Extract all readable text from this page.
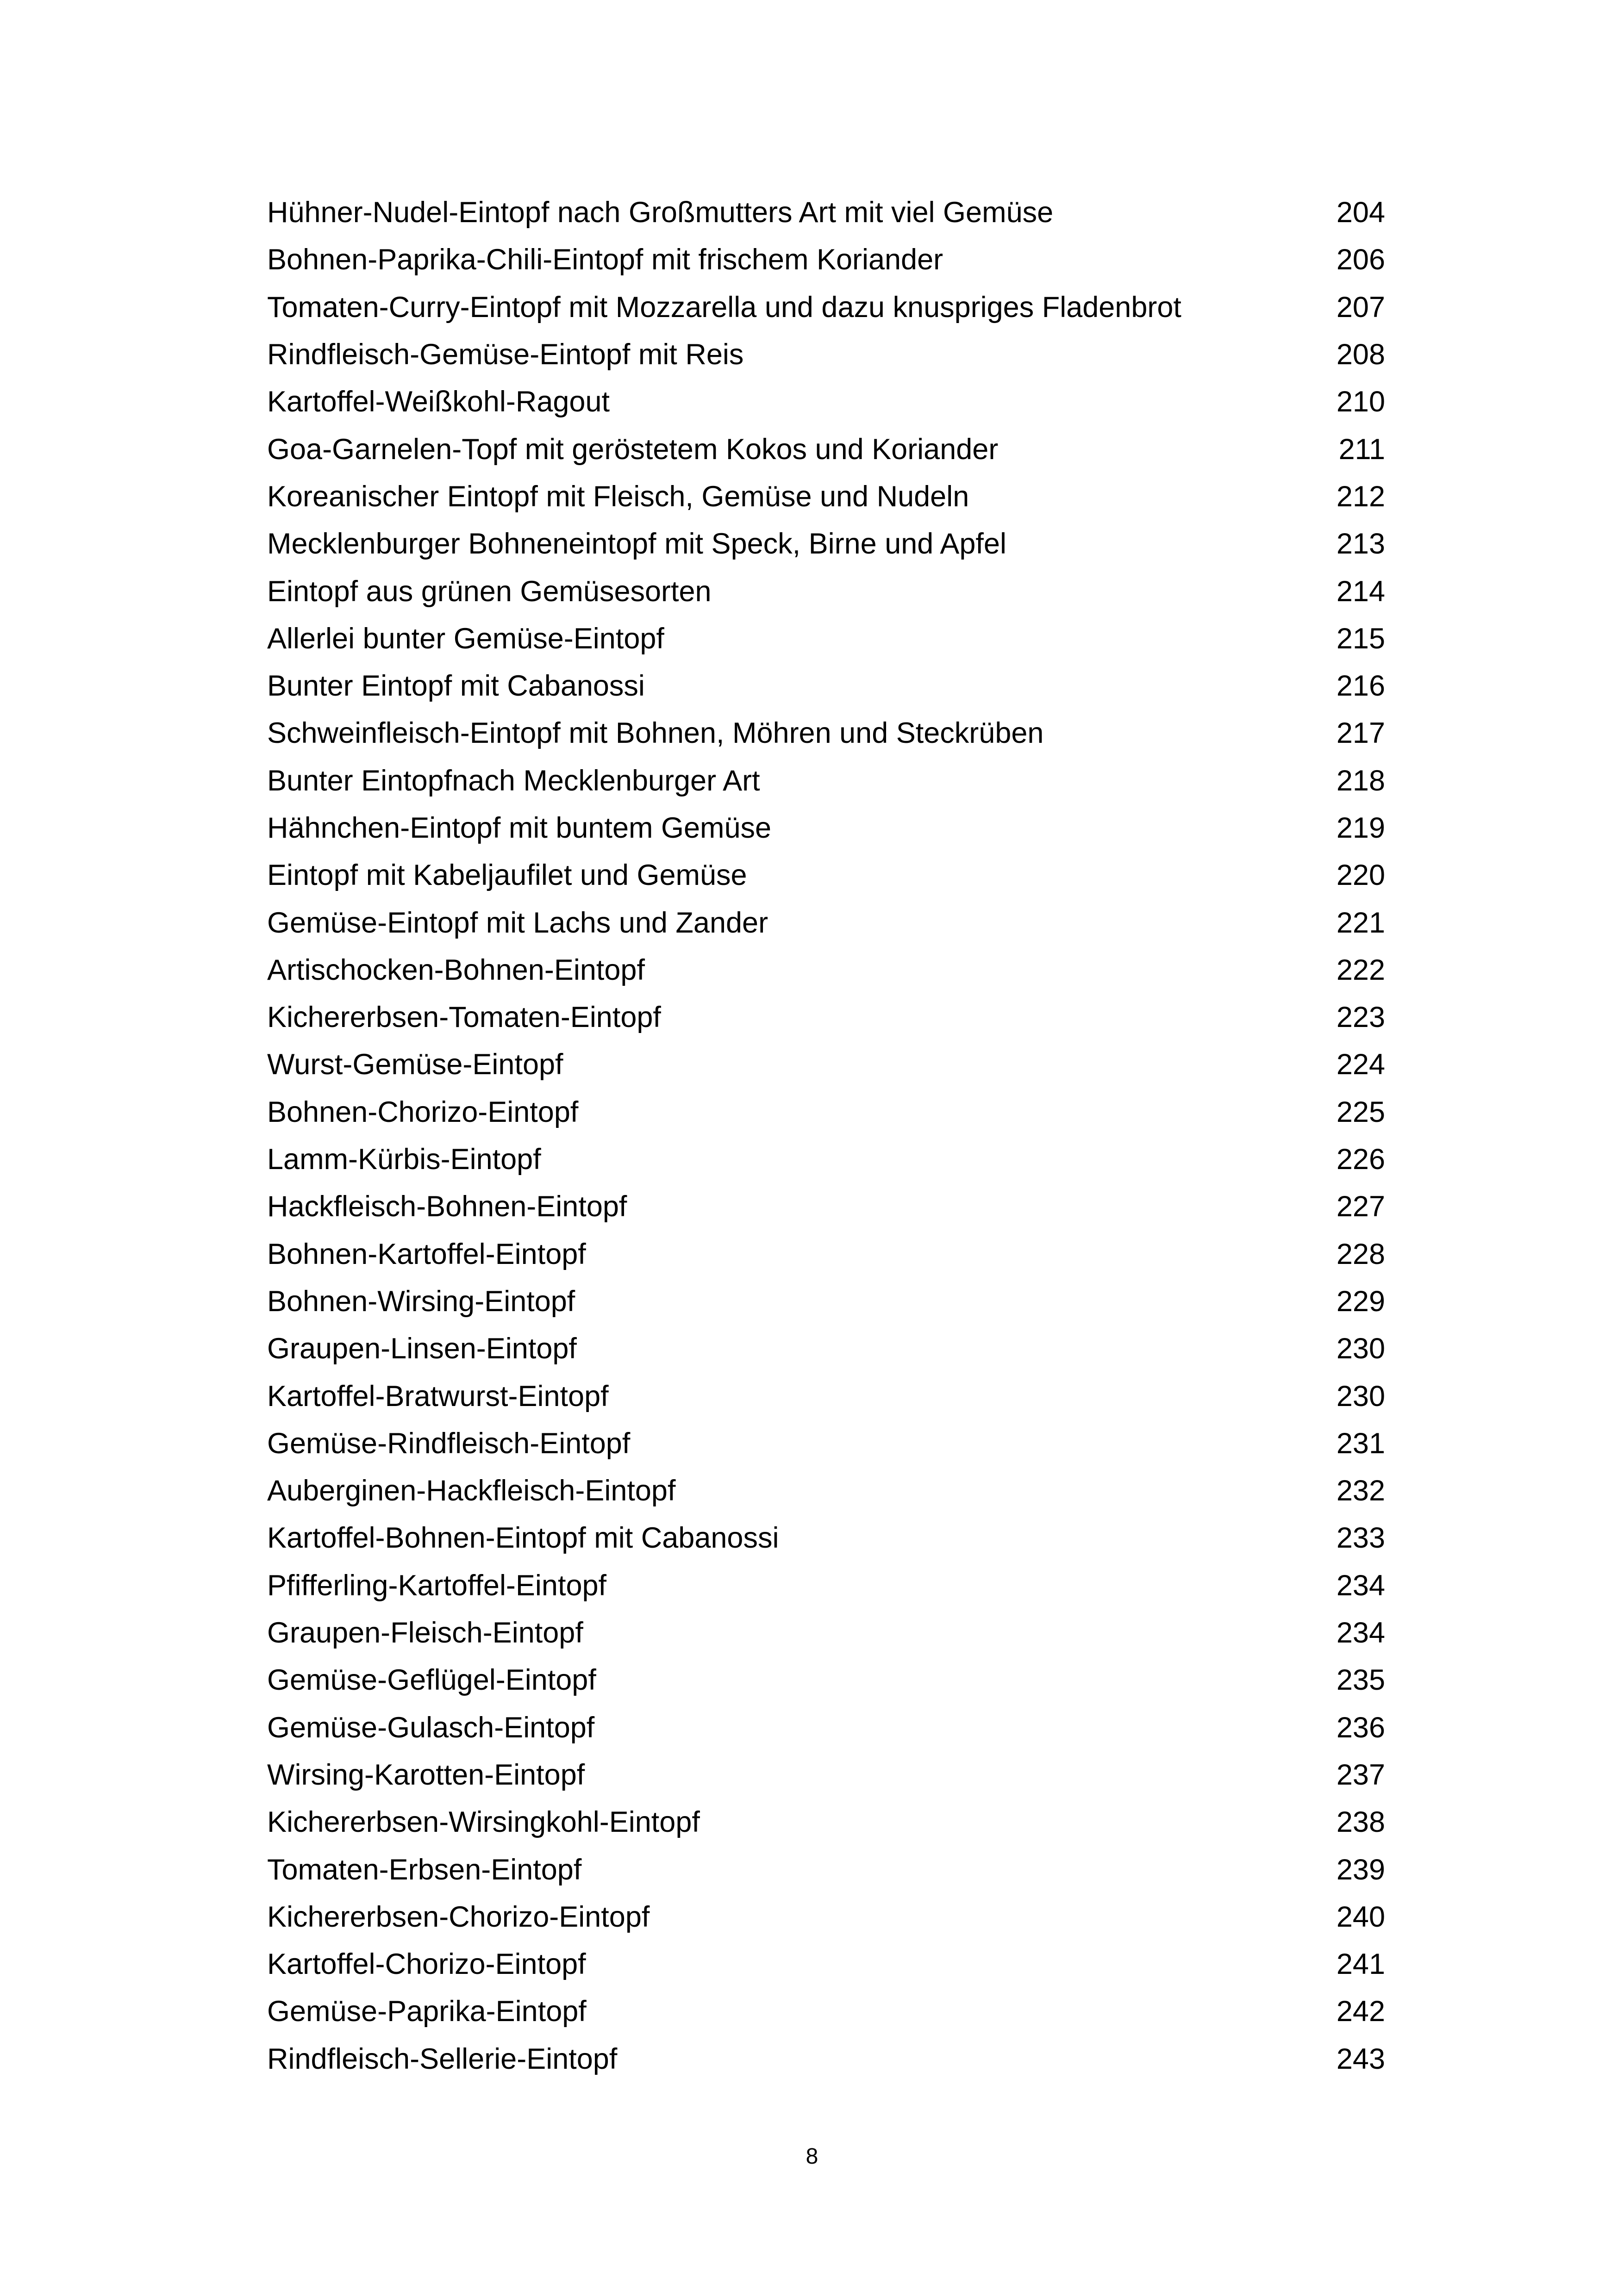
Hühner-Nudel-Eintopf nach Großmutters Art mit viel Gemüse	204
Bohnen-Paprika-Chili-Eintopf mit frischem Koriander	206
Tomaten-Curry-Eintopf mit Mozzarella und dazu knuspriges Fladenbrot	207
Rindfleisch-Gemüse-Eintopf mit Reis	208
Kartoffel-Weißkohl-Ragout	210
Goa-Garnelen-Topf mit geröstetem Kokos und Koriander	211
Koreanischer Eintopf mit Fleisch, Gemüse und Nudeln	212
Mecklenburger Bohneneintopf mit Speck, Birne und Apfel	213
Eintopf aus grünen Gemüsesorten	214
Allerlei bunter Gemüse-Eintopf	215
Bunter Eintopf mit Cabanossi	216
Schweinfleisch-Eintopf mit Bohnen, Möhren und Steckrüben	217
Bunter Eintopfnach Mecklenburger Art	218
Hähnchen-Eintopf mit buntem Gemüse	219
Eintopf mit Kabeljaufilet und Gemüse	220
Gemüse-Eintopf mit Lachs und Zander	221
Artischocken-Bohnen-Eintopf	222
Kichererbsen-Tomaten-Eintopf	223
Wurst-Gemüse-Eintopf	224
Bohnen-Chorizo-Eintopf	225
Lamm-Kürbis-Eintopf	226
Hackfleisch-Bohnen-Eintopf	227
Bohnen-Kartoffel-Eintopf	228
Bohnen-Wirsing-Eintopf	229
Graupen-Linsen-Eintopf	230
Kartoffel-Bratwurst-Eintopf	230
Gemüse-Rindfleisch-Eintopf	231
Auberginen-Hackfleisch-Eintopf	232
Kartoffel-Bohnen-Eintopf mit Cabanossi	233
Pfifferling-Kartoffel-Eintopf	234
Graupen-Fleisch-Eintopf	234
Gemüse-Geflügel-Eintopf	235
Gemüse-Gulasch-Eintopf	236
Wirsing-Karotten-Eintopf	237
Kichererbsen-Wirsingkohl-Eintopf	238
Tomaten-Erbsen-Eintopf	239
Kichererbsen-Chorizo-Eintopf	240
Kartoffel-Chorizo-Eintopf	241
Gemüse-Paprika-Eintopf	242
Rindfleisch-Sellerie-Eintopf	243
8
